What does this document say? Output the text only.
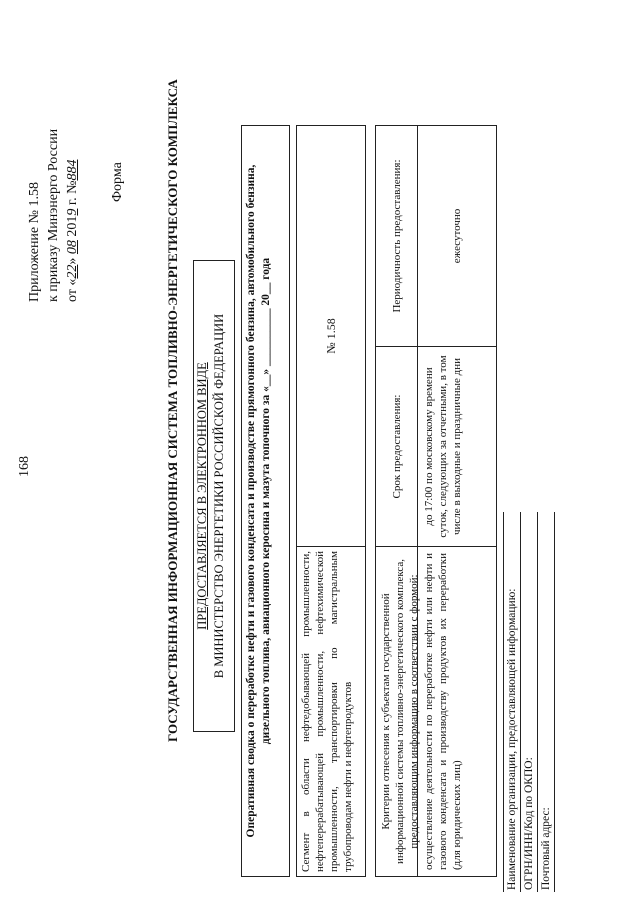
168
Приложение № 1.58 к приказу Минэнерго России от «22» 08 2019 г. №884 Форма	ГОСУДАРСТВЕННАЯ ИНФОРМАЦИОННАЯ СИСТЕМА ТОПЛИВНО-ЭНЕРГЕТИЧЕСКОГО КОМПЛЕКСА ПРЕДОСТАВЛЯЕТСЯ В ЭЛЕКТРОННОМ ВИДЕ В МИНИСТЕРСТВО ЭНЕРГЕТИКИ РОССИЙСКОЙ ФЕДЕРАЦИИ Оперативная сводка о переработке нефти и газового конденсата и производстве прямогонного бензина, автомобильного бензина, дизельного топлива, авиационного керосина и мазута топочного за «__» __________ 20__ года	Сегмент в области нефтедобывающей промышленности, нефтеперерабатывающей промышленности, нефтехимической промышленности, транспортировки по магистральным трубопроводам нефти и нефтепродуктов
№ 1.58
Критерии отнесения к субъектам государственной информационной системы топливно-энергетического комплекса, предоставляющим информацию в соответствии с формой:
Срок предоставления:
Периодичность предоставления:
осуществление деятельности по переработке нефти или нефти и газового конденсата и производству продуктов их переработки (для юридических лиц)
до 17:00 по московскому времени суток, следующих за отчетными, в том числе в выходные и праздничные дни
ежесуточно
Наименование организации, предоставляющей информацию: ОГРН/ИНН/Код по ОКПО: Почтовый адрес:
